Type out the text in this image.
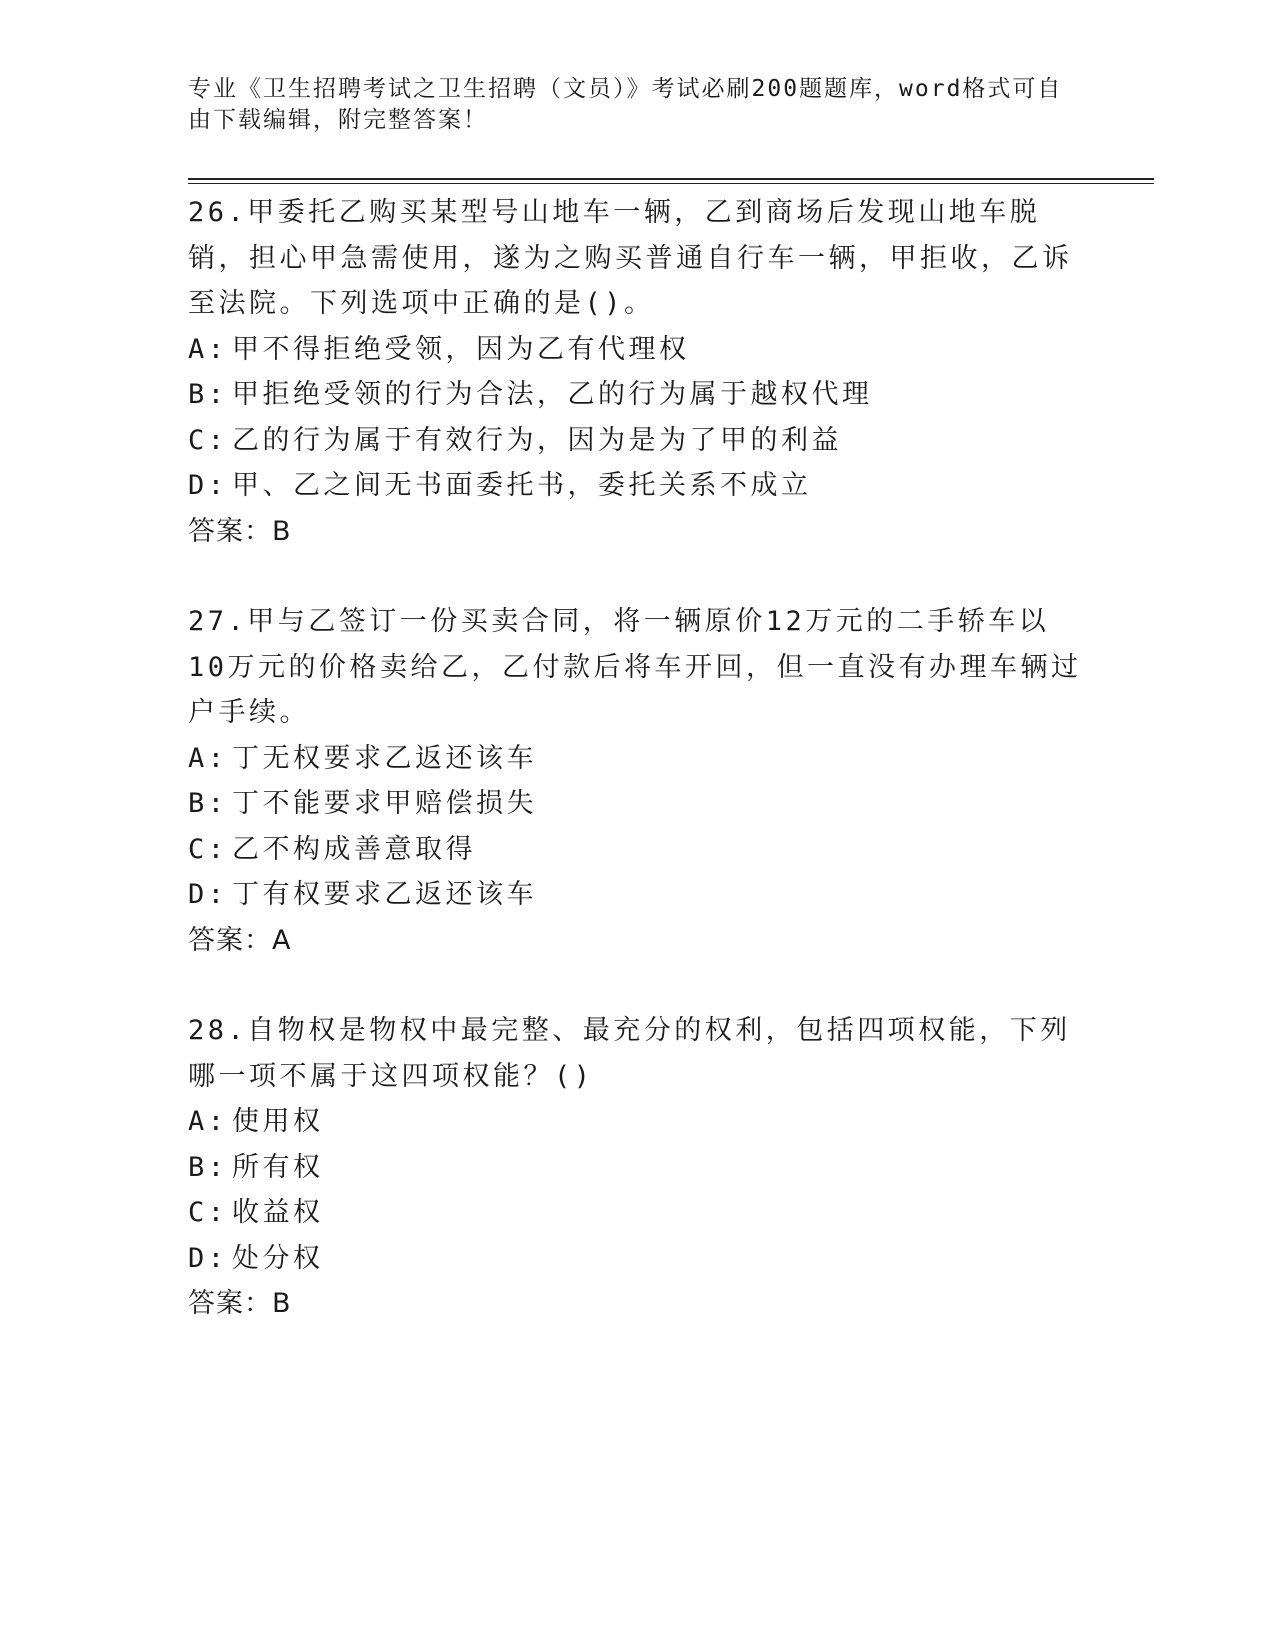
专业《卫生招聘考试之卫生招聘（文员）》考试必刷200题题库，word格式可自由下载编辑，附完整答案！

26.甲委托乙购买某型号山地车一辆，乙到商场后发现山地车脱销，担心甲急需使用，遂为之购买普通自行车一辆，甲拒收，乙诉至法院。下列选项中正确的是()。

A: 甲不得拒绝受领，因为乙有代理权

B: 甲拒绝受领的行为合法，乙的行为属于越权代理

C: 乙的行为属于有效行为，因为是为了甲的利益

D: 甲、乙之间无书面委托书，委托关系不成立

答案：B

27.甲与乙签订一份买卖合同，将一辆原价12万元的二手轿车以10万元的价格卖给乙，乙付款后将车开回，但一直没有办理车辆过户手续。

A: 丁无权要求乙返还该车

B: 丁不能要求甲赔偿损失

C: 乙不构成善意取得

D: 丁有权要求乙返还该车

答案：A

28.自物权是物权中最完整、最充分的权利，包括四项权能，下列哪一项不属于这四项权能？()

A: 使用权

B: 所有权

C: 收益权

D: 处分权

答案：B
